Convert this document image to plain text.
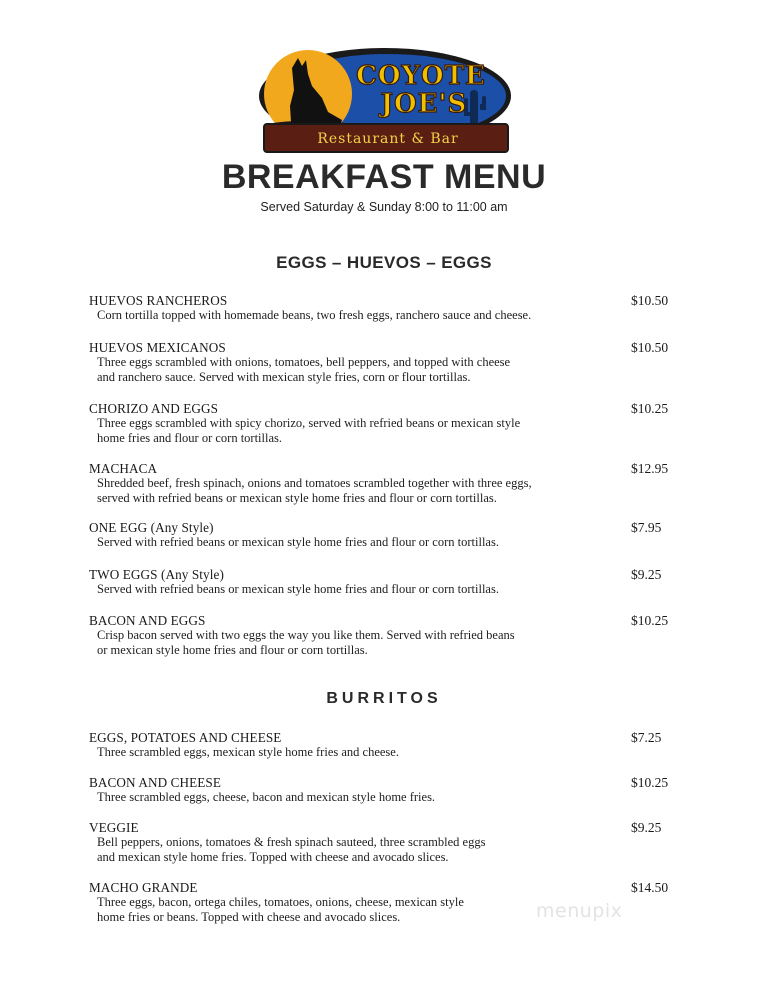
COYOTE
JOE'S
Restaurant & Bar
BREAKFAST MENU
Served Saturday & Sunday 8:00 to 11:00 am
EGGS – HUEVOS – EGGS
HUEVOS RANCHEROS
Corn tortilla topped with homemade beans, two fresh eggs, ranchero sauce and cheese.
$10.50
HUEVOS MEXICANOS
Three eggs scrambled with onions, tomatoes, bell peppers, and topped with cheese
and ranchero sauce. Served with mexican style fries, corn or flour tortillas.
$10.50
CHORIZO AND EGGS
Three eggs scrambled with spicy chorizo, served with refried beans or mexican style
home fries and flour or corn tortillas.
$10.25
MACHACA
Shredded beef, fresh spinach, onions and tomatoes scrambled together with three eggs,
served with refried beans or mexican style home fries and flour or corn tortillas.
$12.95
ONE EGG (Any Style)
Served with refried beans or mexican style home fries and flour or corn tortillas.
$7.95
TWO EGGS (Any Style)
Served with refried beans or mexican style home fries and flour or corn tortillas.
$9.25
BACON AND EGGS
Crisp bacon served with two eggs the way you like them. Served with refried beans
or mexican style home fries and flour or corn tortillas.
$10.25
BURRITOS
EGGS, POTATOES AND CHEESE
Three scrambled eggs, mexican style home fries and cheese.
$7.25
BACON AND CHEESE
Three scrambled eggs, cheese, bacon and mexican style home fries.
$10.25
VEGGIE
Bell peppers, onions, tomatoes & fresh spinach sauteed, three scrambled eggs
and mexican style home fries. Topped with cheese and avocado slices.
$9.25
MACHO GRANDE
Three eggs, bacon, ortega chiles, tomatoes, onions, cheese, mexican style
home fries or beans. Topped with cheese and avocado slices.
$14.50
menupix
